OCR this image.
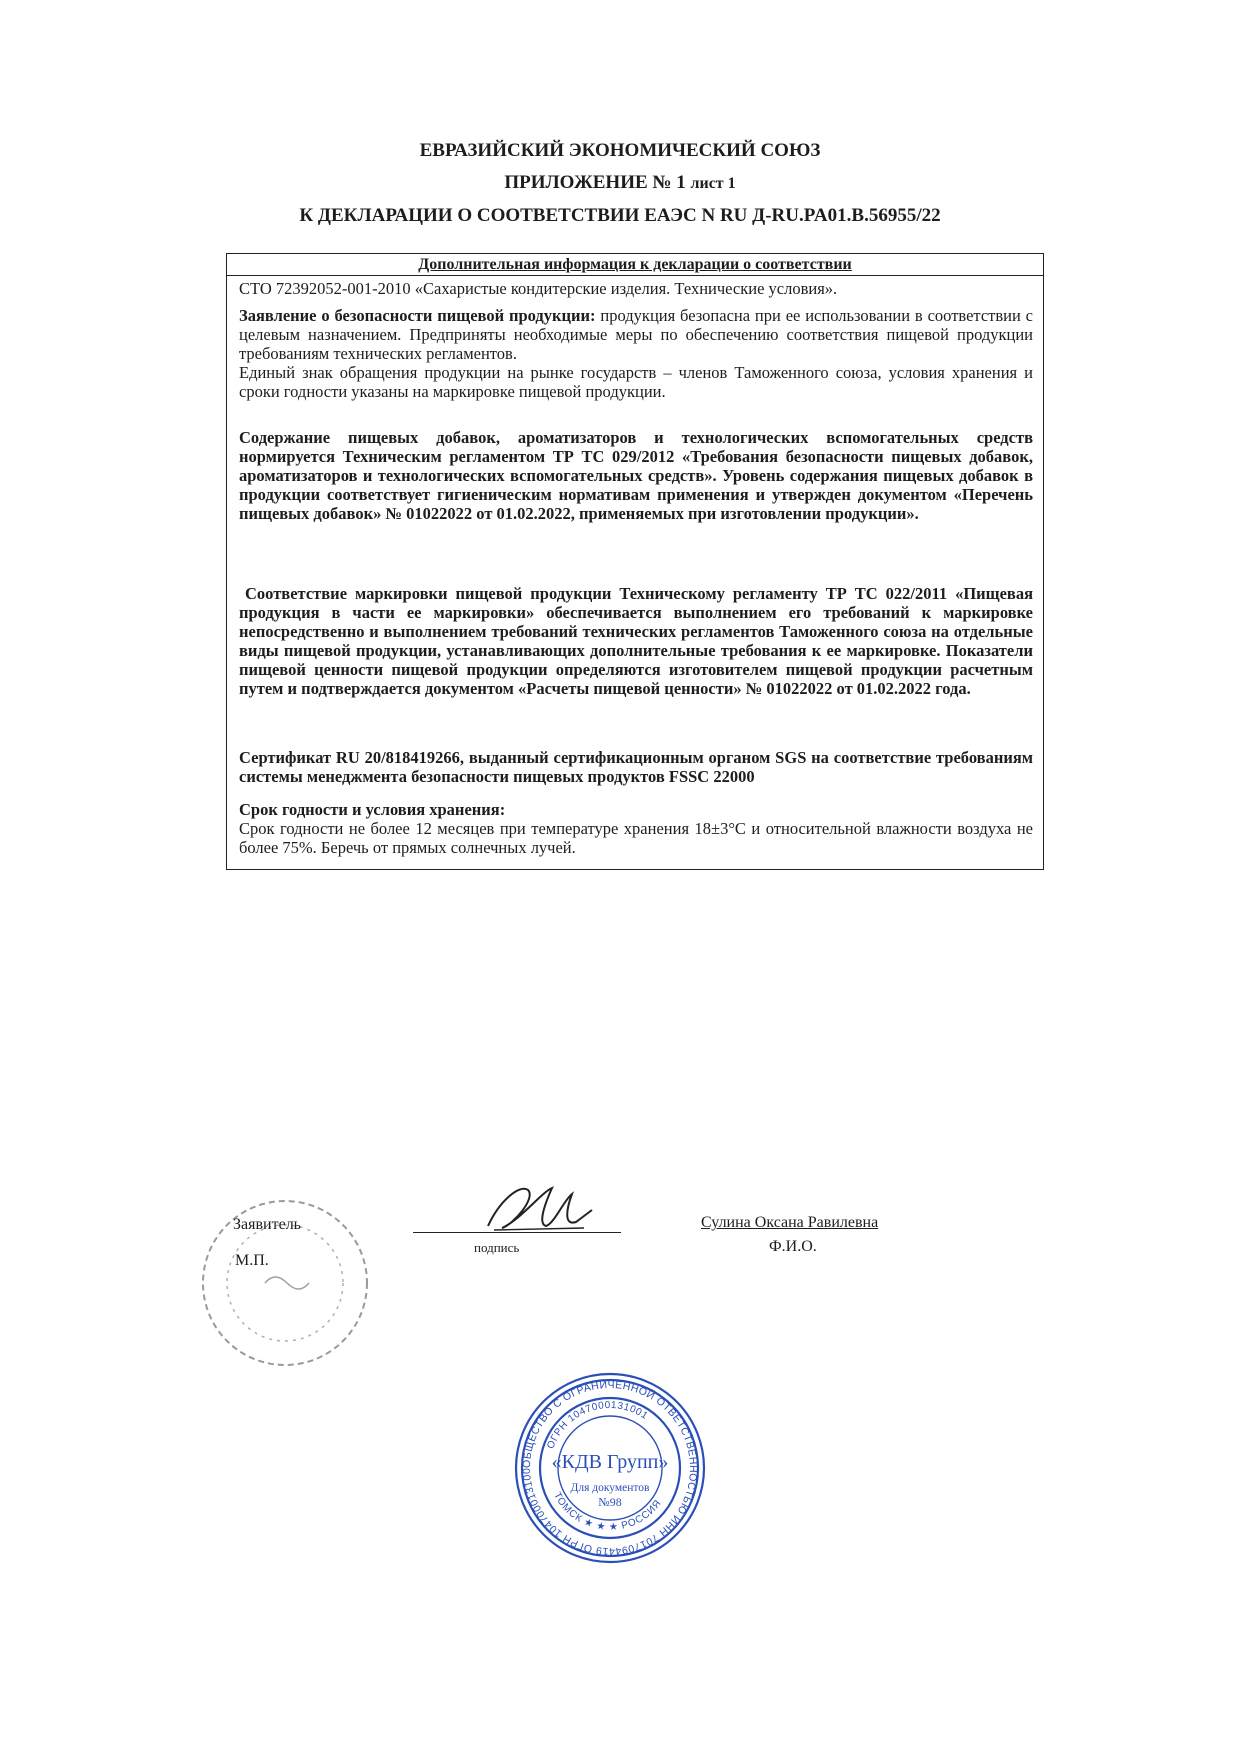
ЕВРАЗИЙСКИЙ ЭКОНОМИЧЕСКИЙ СОЮЗ
ПРИЛОЖЕНИЕ № 1 лист 1
К ДЕКЛАРАЦИИ О СООТВЕТСТВИИ ЕАЭС N RU Д-RU.PA01.B.56955/22
Дополнительная информация к декларации о соответствии
СТО 72392052-001-2010 «Сахаристые кондитерские изделия. Технические условия».
Заявление о безопасности пищевой продукции: продукция безопасна при ее использовании в соответствии с целевым назначением. Предприняты необходимые меры по обеспечению соответствия пищевой продукции требованиям технических регламентов.
Единый знак обращения продукции на рынке государств – членов Таможенного союза, условия хранения и сроки годности указаны на маркировке пищевой продукции.
Содержание пищевых добавок, ароматизаторов и технологических вспомогательных средств нормируется Техническим регламентом ТР ТС 029/2012 «Требования безопасности пищевых добавок, ароматизаторов и технологических вспомогательных средств». Уровень содержания пищевых добавок в продукции соответствует гигиеническим нормативам применения и утвержден документом «Перечень пищевых добавок» № 01022022 от 01.02.2022, применяемых при изготовлении продукции».
Соответствие маркировки пищевой продукции Техническому регламенту ТР ТС 022/2011 «Пищевая продукция в части ее маркировки» обеспечивается выполнением его требований к маркировке непосредственно и выполнением требований технических регламентов Таможенного союза на отдельные виды пищевой продукции, устанавливающих дополнительные требования к ее маркировке. Показатели пищевой ценности пищевой продукции определяются изготовителем пищевой продукции расчетным путем и подтверждается документом «Расчеты пищевой ценности» № 01022022 от 01.02.2022 года.
Сертификат RU 20/818419266, выданный сертификационным органом SGS на соответствие требованиям системы менеджмента безопасности пищевых продуктов FSSC 22000
Срок годности и условия хранения:
Срок годности не более 12 месяцев при температуре хранения 18±3°С и относительной влажности воздуха не более 75%. Беречь от прямых солнечных лучей.
Заявитель
М.П.
подпись
Сулина Оксана Равилевна
Ф.И.О.
ОБЩЕСТВО С ОГРАНИЧЕННОЙ ОТВЕТСТВЕННОСТЬЮ ИНН 7017094419 ОГРН 1047000131001
ОГРН 1047000131001
ТОМСК ★ ★ ★ РОССИЯ
«КДВ Групп»
Для документов
№98
